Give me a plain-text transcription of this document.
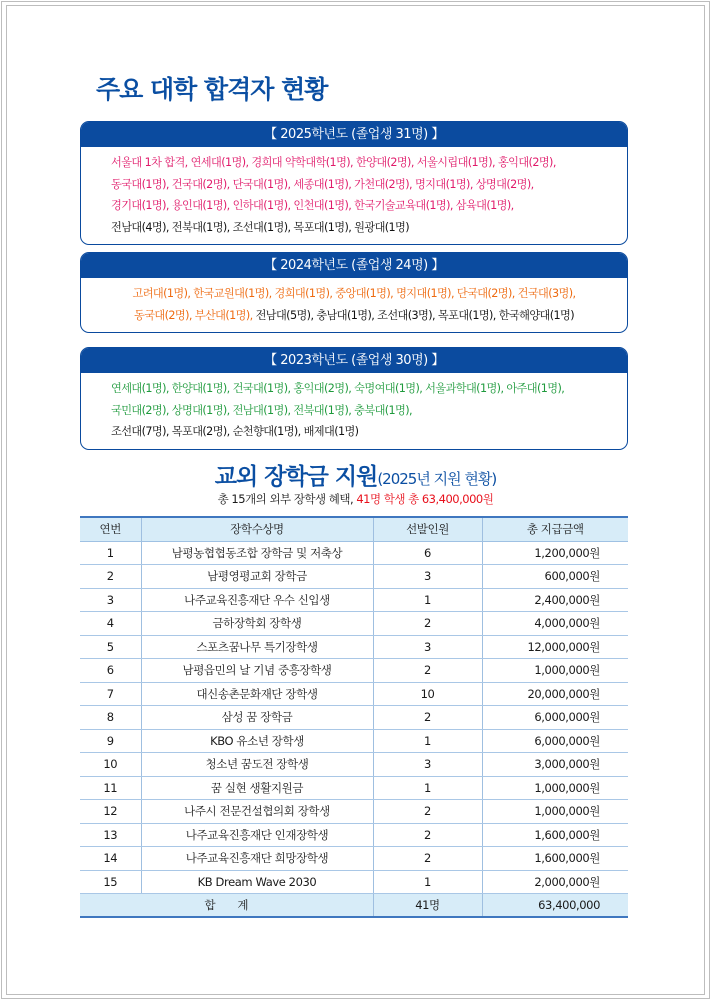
주요 대학 합격자 현황
【 2025학년도 (졸업생 31명) 】
서울대 1차 합격, 연세대(1명), 경희대 약학대학(1명), 한양대(2명), 서울시립대(1명), 홍익대(2명),
동국대(1명), 건국대(2명), 단국대(1명), 세종대(1명), 가천대(2명), 명지대(1명), 상명대(2명),
경기대(1명), 용인대(1명), 인하대(1명), 인천대(1명), 한국기술교육대(1명), 삼육대(1명),
전남대(4명), 전북대(1명), 조선대(1명), 목포대(1명), 원광대(1명)
【 2024학년도 (졸업생 24명) 】
고려대(1명), 한국교원대(1명), 경희대(1명), 중앙대(1명), 명지대(1명), 단국대(2명), 건국대(3명),
동국대(2명), 부산대(1명), 전남대(5명), 충남대(1명), 조선대(3명), 목포대(1명), 한국해양대(1명)
【 2023학년도 (졸업생 30명) 】
연세대(1명), 한양대(1명), 건국대(1명), 홍익대(2명), 숙명여대(1명), 서울과학대(1명), 아주대(1명),
국민대(2명), 상명대(1명), 전남대(1명), 전북대(1명), 충북대(1명),
조선대(7명), 목포대(2명), 순천향대(1명), 배제대(1명)
교외 장학금 지원(2025년 지원 현황)
총 15개의 외부 장학생 혜택, 41명 학생 총 63,400,000원
연번	장학수상명	선발인원	총 지급금액
1	남평농협협동조합 장학금 및 저축상	6	1,200,000원
2	남평영평교회 장학금	3	600,000원
3	나주교육진흥재단 우수 신입생	1	2,400,000원
4	금하장학회 장학생	2	4,000,000원
5	스포츠꿈나무 특기장학생	3	12,000,000원
6	남평읍민의 날 기념 중흥장학생	2	1,000,000원
7	대신송촌문화재단 장학생	10	20,000,000원
8	삼성 꿈 장학금	2	6,000,000원
9	KBO 유소년 장학생	1	6,000,000원
10	청소년 꿈도전 장학생	3	3,000,000원
11	꿈 실현 생활지원금	1	1,000,000원
12	나주시 전문건설협의회 장학생	2	1,000,000원
13	나주교육진흥재단 인재장학생	2	1,600,000원
14	나주교육진흥재단 희망장학생	2	1,600,000원
15	KB Dream Wave 2030	1	2,000,000원
합　　계		41명	63,400,000
